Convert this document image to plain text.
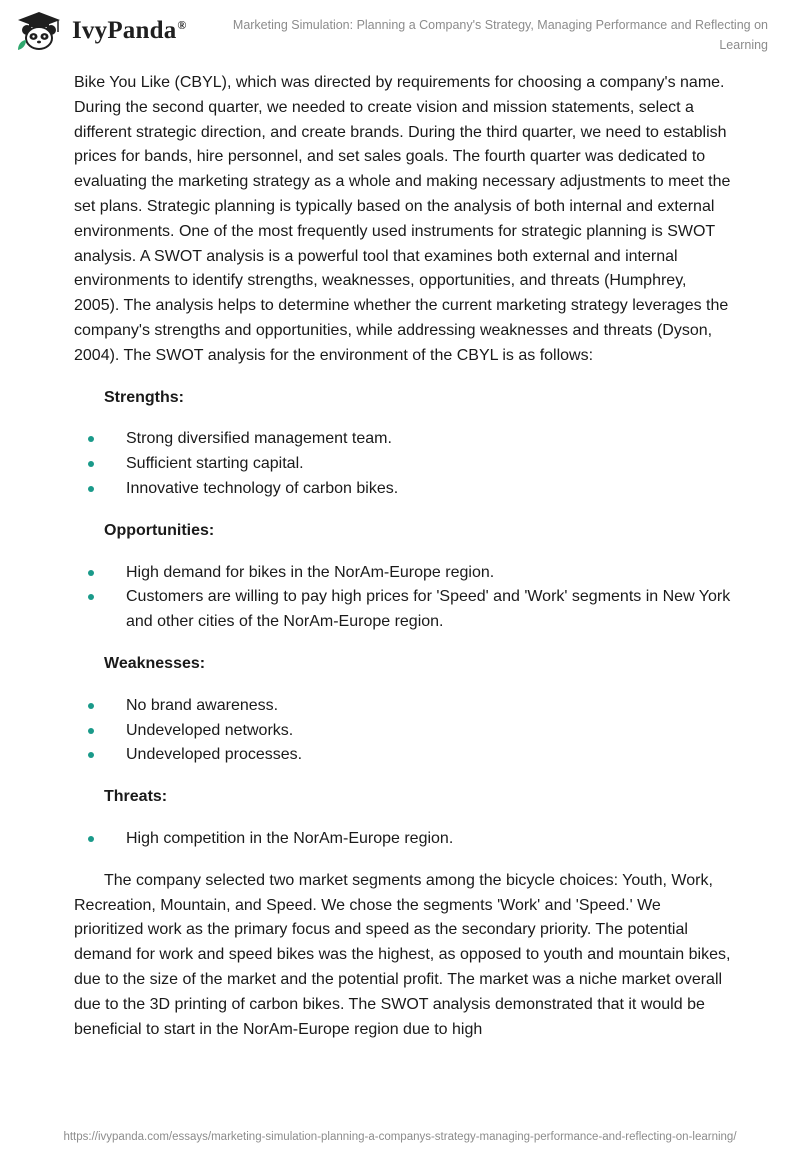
IvyPanda®	Marketing Simulation: Planning a Company's Strategy, Managing Performance and Reflecting on Learning

Bike You Like (CBYL), which was directed by requirements for choosing a company's name. During the second quarter, we needed to create vision and mission statements, select a different strategic direction, and create brands. During the third quarter, we need to establish prices for bands, hire personnel, and set sales goals. The fourth quarter was dedicated to evaluating the marketing strategy as a whole and making necessary adjustments to meet the set plans. Strategic planning is typically based on the analysis of both internal and external environments. One of the most frequently used instruments for strategic planning is SWOT analysis. A SWOT analysis is a powerful tool that examines both external and internal environments to identify strengths, weaknesses, opportunities, and threats (Humphrey, 2005). The analysis helps to determine whether the current marketing strategy leverages the company's strengths and opportunities, while addressing weaknesses and threats (Dyson, 2004). The SWOT analysis for the environment of the CBYL is as follows:

Strengths:

Strong diversified management team.
Sufficient starting capital.
Innovative technology of carbon bikes.

Opportunities:

High demand for bikes in the NorAm-Europe region.
Customers are willing to pay high prices for 'Speed' and 'Work' segments in New York and other cities of the NorAm-Europe region.

Weaknesses:

No brand awareness.
Undeveloped networks.
Undeveloped processes.

Threats:

High competition in the NorAm-Europe region.

The company selected two market segments among the bicycle choices: Youth, Work, Recreation, Mountain, and Speed. We chose the segments 'Work' and 'Speed.' We prioritized work as the primary focus and speed as the secondary priority. The potential demand for work and speed bikes was the highest, as opposed to youth and mountain bikes, due to the size of the market and the potential profit. The market was a niche market overall due to the 3D printing of carbon bikes. The SWOT analysis demonstrated that it would be beneficial to start in the NorAm-Europe region due to high

https://ivypanda.com/essays/marketing-simulation-planning-a-companys-strategy-managing-performance-and-reflecting-on-learning/
